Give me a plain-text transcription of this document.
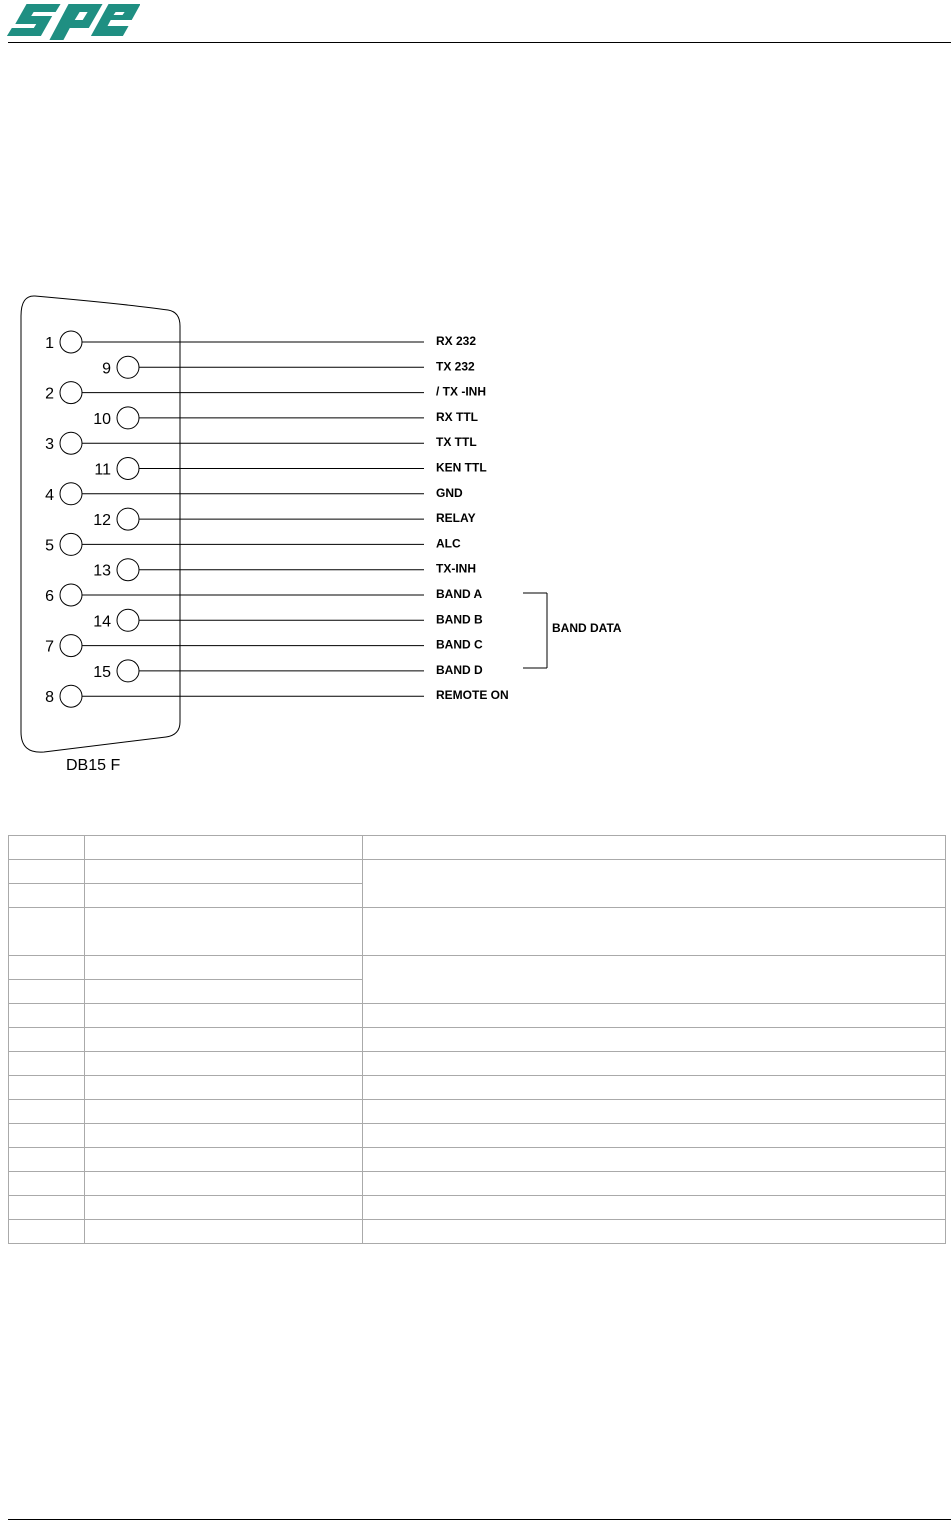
1	RX 232
9	TX 232
2	/ TX -INH
10	RX TTL
3	TX TTL
11	KEN TTL
4	GND
12	RELAY
5	ALC
13	TX-INH
6	BAND A
14	BAND B
7	BAND C
15	BAND D
8	REMOTE ON
BAND DATA
DB15 F
